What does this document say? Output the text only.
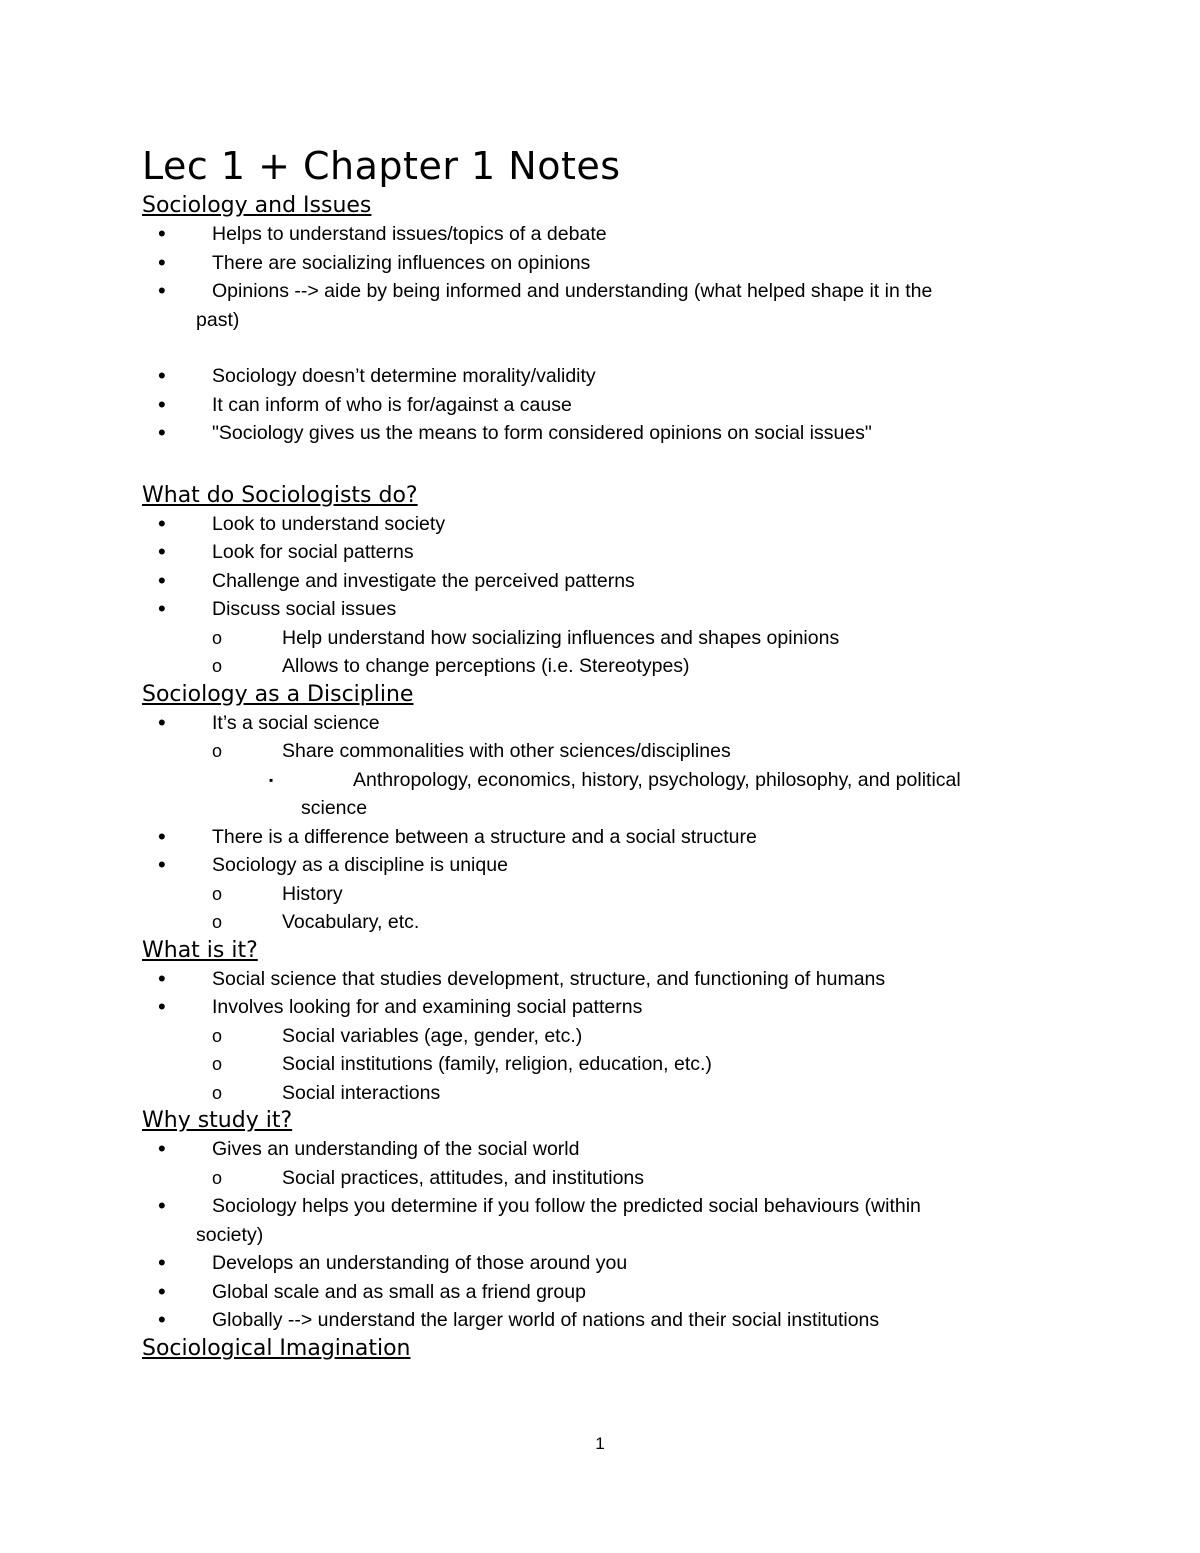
Lec 1 + Chapter 1 Notes
Sociology and Issues

• Helps to understand issues/topics of a debate

• There are socializing influences on opinions

• Opinions --> aide by being informed and understanding (what helped shape it in the

past)

• Sociology doesn’t determine morality/validity

• It can inform of who is for/against a cause

• "Sociology gives us the means to form considered opinions on social issues"

What do Sociologists do?

• Look to understand society

• Look for social patterns

• Challenge and investigate the perceived patterns

• Discuss social issues

o	Help understand how socializing influences and shapes opinions

o	Allows to change perceptions (i.e. Stereotypes)

Sociology as a Discipline

• It’s a social science

o	Share commonalities with other sciences/disciplines

▪	Anthropology, economics, history, psychology, philosophy, and political

science

• There is a difference between a structure and a social structure

• Sociology as a discipline is unique

o	History

o	Vocabulary, etc.

What is it?

• Social science that studies development, structure, and functioning of humans

• Involves looking for and examining social patterns

o	Social variables (age, gender, etc.)

o	Social institutions (family, religion, education, etc.)

o	Social interactions

Why study it?

• Gives an understanding of the social world

o	Social practices, attitudes, and institutions

• Sociology helps you determine if you follow the predicted social behaviours (within

society)

• Develops an understanding of those around you

• Global scale and as small as a friend group

• Globally --> understand the larger world of nations and their social institutions

Sociological Imagination
1
